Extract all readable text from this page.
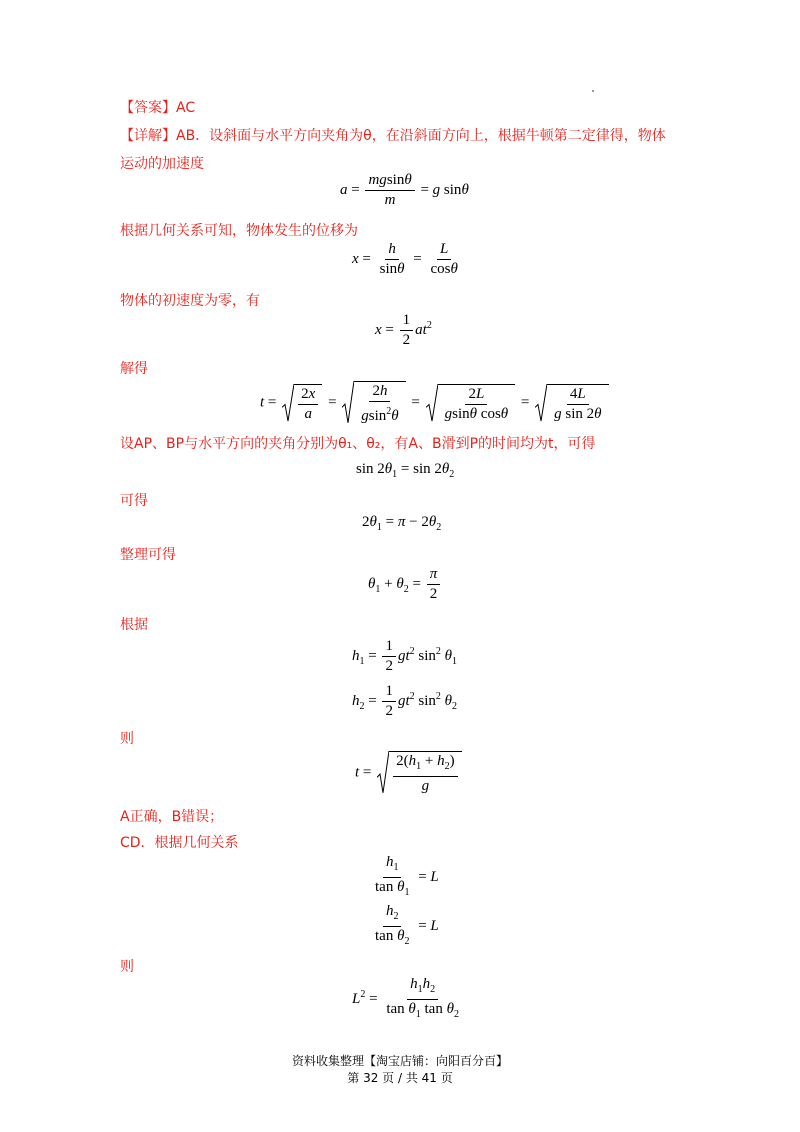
【答案】AC
【详解】AB．设斜面与水平方向夹角为θ，在沿斜面方向上，根据牛顿第二定律得，物体
运动的加速度
$a = \frac{mgsin\theta}{m} = g$ sinθ
根据几何关系可知，物体发生的位移为
$x = \frac{h}{\sin\theta} = \frac{L}{\cos\theta}$
物体的初速度为零，有
$x = \frac{1}{2} at^2$
解得
$t = \frac{2x}{a} = \frac{2h}{gsin^2\theta} = \frac{2L}{\text{gsinθ cosθ}} = \frac{4L}{\text{g sin 2θ}}$
设AP、BP与水平方向的夹角分别为θ₁、θ₂，有A、B滑到P的时间均为t，可得
$\sin 2\theta_1 = \sin 2\theta_2$
可得
$2\theta_1 = \pi - 2\theta_2$
整理可得
$\theta_1 + \theta_2 = \frac{\pi}{2}$
根据
$h_1 = \frac{1}{2} gt^2$ $\sin^2 \theta_1$
$h_2 = \frac{1}{2} gt^2$ $\sin^2 \theta_2$
则
$t = \frac{2(h_1 + h_2)}{g}$
A正确，B错误；
CD．根据几何关系
$\frac{h_1}{\tan \theta_1} = L$
$\frac{h_2}{\tan \theta_2} = L$
则
$L^2 = \frac{h_1h_2}{\tan \theta_1 \tan \theta_2}$
资料收集整理【淘宝店铺：向阳百分百】
第 32 页 / 共 41 页
